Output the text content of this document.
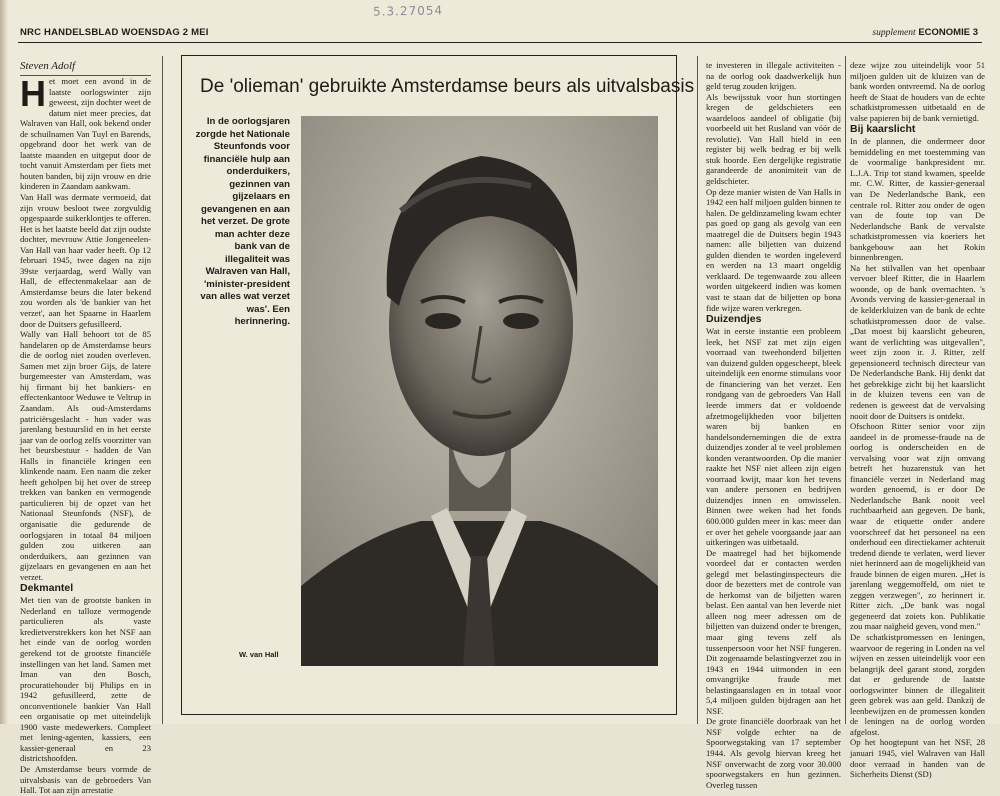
5.3.27054
NRC HANDELSBLAD WOENSDAG 2 MEI	supplement ECONOMIE 3

Steven Adolf

Het moet een avond in de laatste oorlogswinter zijn geweest, zijn dochter weet de datum niet meer precies, dat Walraven van Hall, ook bekend onder de schuilnamen Van Tuyl en Barends, opgebrand door het werk van de laatste maanden en uitgeput door de tocht vanuit Amsterdam per fiets met houten banden, bij zijn vrouw en drie kinderen in Zaandam aankwam.

Van Hall was dermate vermoeid, dat zijn vrouw besloot twee zorgvuldig opgespaarde suikerklontjes te offeren. Het is het laatste beeld dat zijn oudste dochter, mevrouw Attie Jongeneelen-Van Hall van haar vader heeft. Op 12 februari 1945, twee dagen na zijn 39ste verjaardag, werd Wally van Hall, de effectenmakelaar aan de Amsterdamse beurs die later bekend zou worden als 'de bankier van het verzet', aan het Spaarne in Haarlem door de Duitsers gefusilleerd.

Wally van Hall behoort tot de 85 handelaren op de Amsterdamse beurs die de oorlog niet zouden overleven. Samen met zijn broer Gijs, de latere burgemeester van Amsterdam, was hij firmant bij het bankiers- en effectenkantoor Weduwe te Veltrup in Zaandam. Als oud-Amsterdams patriciërsgeslacht - hun vader was jarenlang bestuurslid en in het eerste jaar van de oorlog zelfs voorzitter van het beursbestuur - hadden de Van Halls in financiële kringen een klinkende naam. Een naam die zeker heeft geholpen bij het over de streep trekken van banken en vermogende particulieren bij de opzet van het Nationaal Steunfonds (NSF), de organisatie die gedurende de oorlogsjaren in totaal 84 miljoen gulden zou uitkeren aan onderduikers, aan gezinnen van gijzelaars en gevangenen en aan het verzet.

Dekmantel

Met tien van de grootste banken in Nederland en talloze vermogende particulieren als vaste kredietverstrekkers kon het NSF aan het einde van de oorlog worden gerekend tot de grootste financiële instellingen van het land. Samen met Iman van den Bosch, procuratiehouder bij Philips en in 1942 gefusilleerd, zette de onconventionele bankier Van Hall een organisatie op met uiteindelijk 1900 vaste medewerkers. Compleet met lening-agenten, kassiers, een kassier-generaal en 23 districtshoofden.

De Amsterdamse beurs vormde de uitvalsbasis van de gebroeders Van Hall. Tot aan zijn arrestatie

De 'olieman' gebruikte Amsterdamse beurs als uitvalsbasis
In de oorlogsjaren zorgde het Nationale Steunfonds voor financiële hulp aan onderduikers, gezinnen van gijzelaars en gevangenen en aan het verzet. De grote man achter deze bank van de illegaliteit was Walraven van Hall, 'minister-president van alles wat verzet was'. Een herinnering.
W. van Hall

te investeren in illegale activiteiten - na de oorlog ook daadwerkelijk hun geld terug zouden krijgen.

Als bewijsstuk voor hun stortingen kregen de geldschieters een waardeloos aandeel of obligatie (bij voorbeeld uit het Rusland van vóór de revolutie). Van Hall hield in een register bij welk bedrag er bij welk stuk hoorde. Een dergelijke registratie garandeerde de anonimiteit van de geldschieter.

Op deze manier wisten de Van Halls in 1942 een half miljoen gulden binnen te halen. De geldinzameling kwam echter pas goed op gang als gevolg van een maatregel die de Duitsers begin 1943 namen: alle biljetten van duizend gulden dienden te worden ingeleverd en werden na 13 maart ongeldig verklaard. De tegenwaarde zou alleen worden uitgekeerd indien was komen vast te staan dat de biljetten op bona fide wijze waren verkregen.

Duizendjes

Wat in eerste instantie een probleem leek, het NSF zat met zijn eigen voorraad van tweehonderd biljetten van duizend gulden opgescheept, bleek uiteindelijk een enorme stimulans voor de financiering van het verzet. Een rondgang van de gebroeders Van Hall leerde immers dat er voldoende afzetmogelijkheden voor biljetten waren bij banken en handelsondernemingen die de extra duizendjes zonder al te veel problemen konden verantwoorden. Op die manier raakte het NSF niet alleen zijn eigen voorraad kwijt, maar kon het tevens van andere personen en bedrijven duizendjes innen en omwisselen. Binnen twee weken had het fonds 600.000 gulden meer in kas: meer dan er over het gehele voorgaande jaar aan uitkeringen was uitbetaald.

De maatregel had het bijkomende voordeel dat er contacten werden gelegd met belastinginspecteurs die door de bezetters met de controle van de herkomst van de biljetten waren belast. Een aantal van hen leverde niet alleen nog meer adressen om de biljetten van duizend onder te brengen, maar ging tevens zelf als tussenpersoon voor het NSF fungeren. Dit zogenaamde belastingverzet zou in 1943 en 1944 uitmonden in een omvangrijke fraude met belastingaanslagen en in totaal voor 5,4 miljoen gulden bijdragen aan het NSF.

De grote financiële doorbraak van het NSF volgde echter na de Spoorwegstaking van 17 september 1944. Als gevolg hiervan kreeg het NSF onverwacht de zorg voor 30.000 spoorwegstakers en hun gezinnen. Overleg tussen

deze wijze zou uiteindelijk voor 51 miljoen gulden uit de kluizen van de bank worden ontvreemd. Na de oorlog heeft de Staat de houders van de echte schatkistpromessen uitbetaald en de valse papieren bij de bank vernietigd.

Bij kaarslicht

In de plannen, die ondermeer door bemiddeling en met toestemming van de voormalige bankpresident mr. L.J.A. Trip tot stand kwamen, speelde mr. C.W. Ritter, de kassier-generaal van De Nederlandsche Bank, een centrale rol. Ritter zou onder de ogen van de foute top van De Nederlandsche Bank de vervalste schatkistpromessen via koeriers het bankgebouw aan het Rokin binnenbrengen.

Na het stilvallen van het openbaar vervoer bleef Ritter, die in Haarlem woonde, op de bank overnachten. 's Avonds verving de kassier-generaal in de kelderkluizen van de bank de echte schatkistpromessen door de valse. „Dat moest bij kaarslicht gebeuren, want de verlichting was uitgevallen", weet zijn zoon ir. J. Ritter, zelf gepensioneerd technisch directeur van De Nederlandsche Bank. Hij denkt dat het gebrekkige zicht bij het kaarslicht in de kluizen tevens een van de redenen is geweest dat de vervalsing nooit door de Duitsers is ontdekt.

Ofschoon Ritter senior voor zijn aandeel in de promesse-fraude na de oorlog is onderscheiden en de vervalsing voor wat zijn omvang betreft het huzarenstuk van het financiële verzet in Nederland mag worden genoemd, is er door De Nederlandsche Bank nooit veel ruchtbaarheid aan gegeven. De bank, waar de etiquette onder andere voorschreef dat het personeel na een onderhoud een directiekamer achteruit tredend diende te verlaten, werd liever niet herinnerd aan de mogelijkheid van fraude binnen de eigen muren. „Het is jarenlang weggemoffeld, om niet te zeggen verzwegen", zo herinnert ir. Ritter zich. „De bank was nogal gegeneerd dat zoiets kon. Publikatie zou maar naïgheid geven, vond men."

De schatkistpromessen en leningen, waarvoor de regering in Londen na vel wijven en zessen uiteindelijk voor een belangrijk deel garant stond, zorgden dat er gedurende de laatste oorlogswinter binnen de illegaliteit geen gebrek was aan geld. Dankzij de leenbewijzen en de promessen konden de leningen na de oorlog worden afgelost.

Op het hoogtepunt van het NSF, 28 januari 1945, viel Walraven van Hall door verraad in handen van de Sicherheits Dienst (SD)
